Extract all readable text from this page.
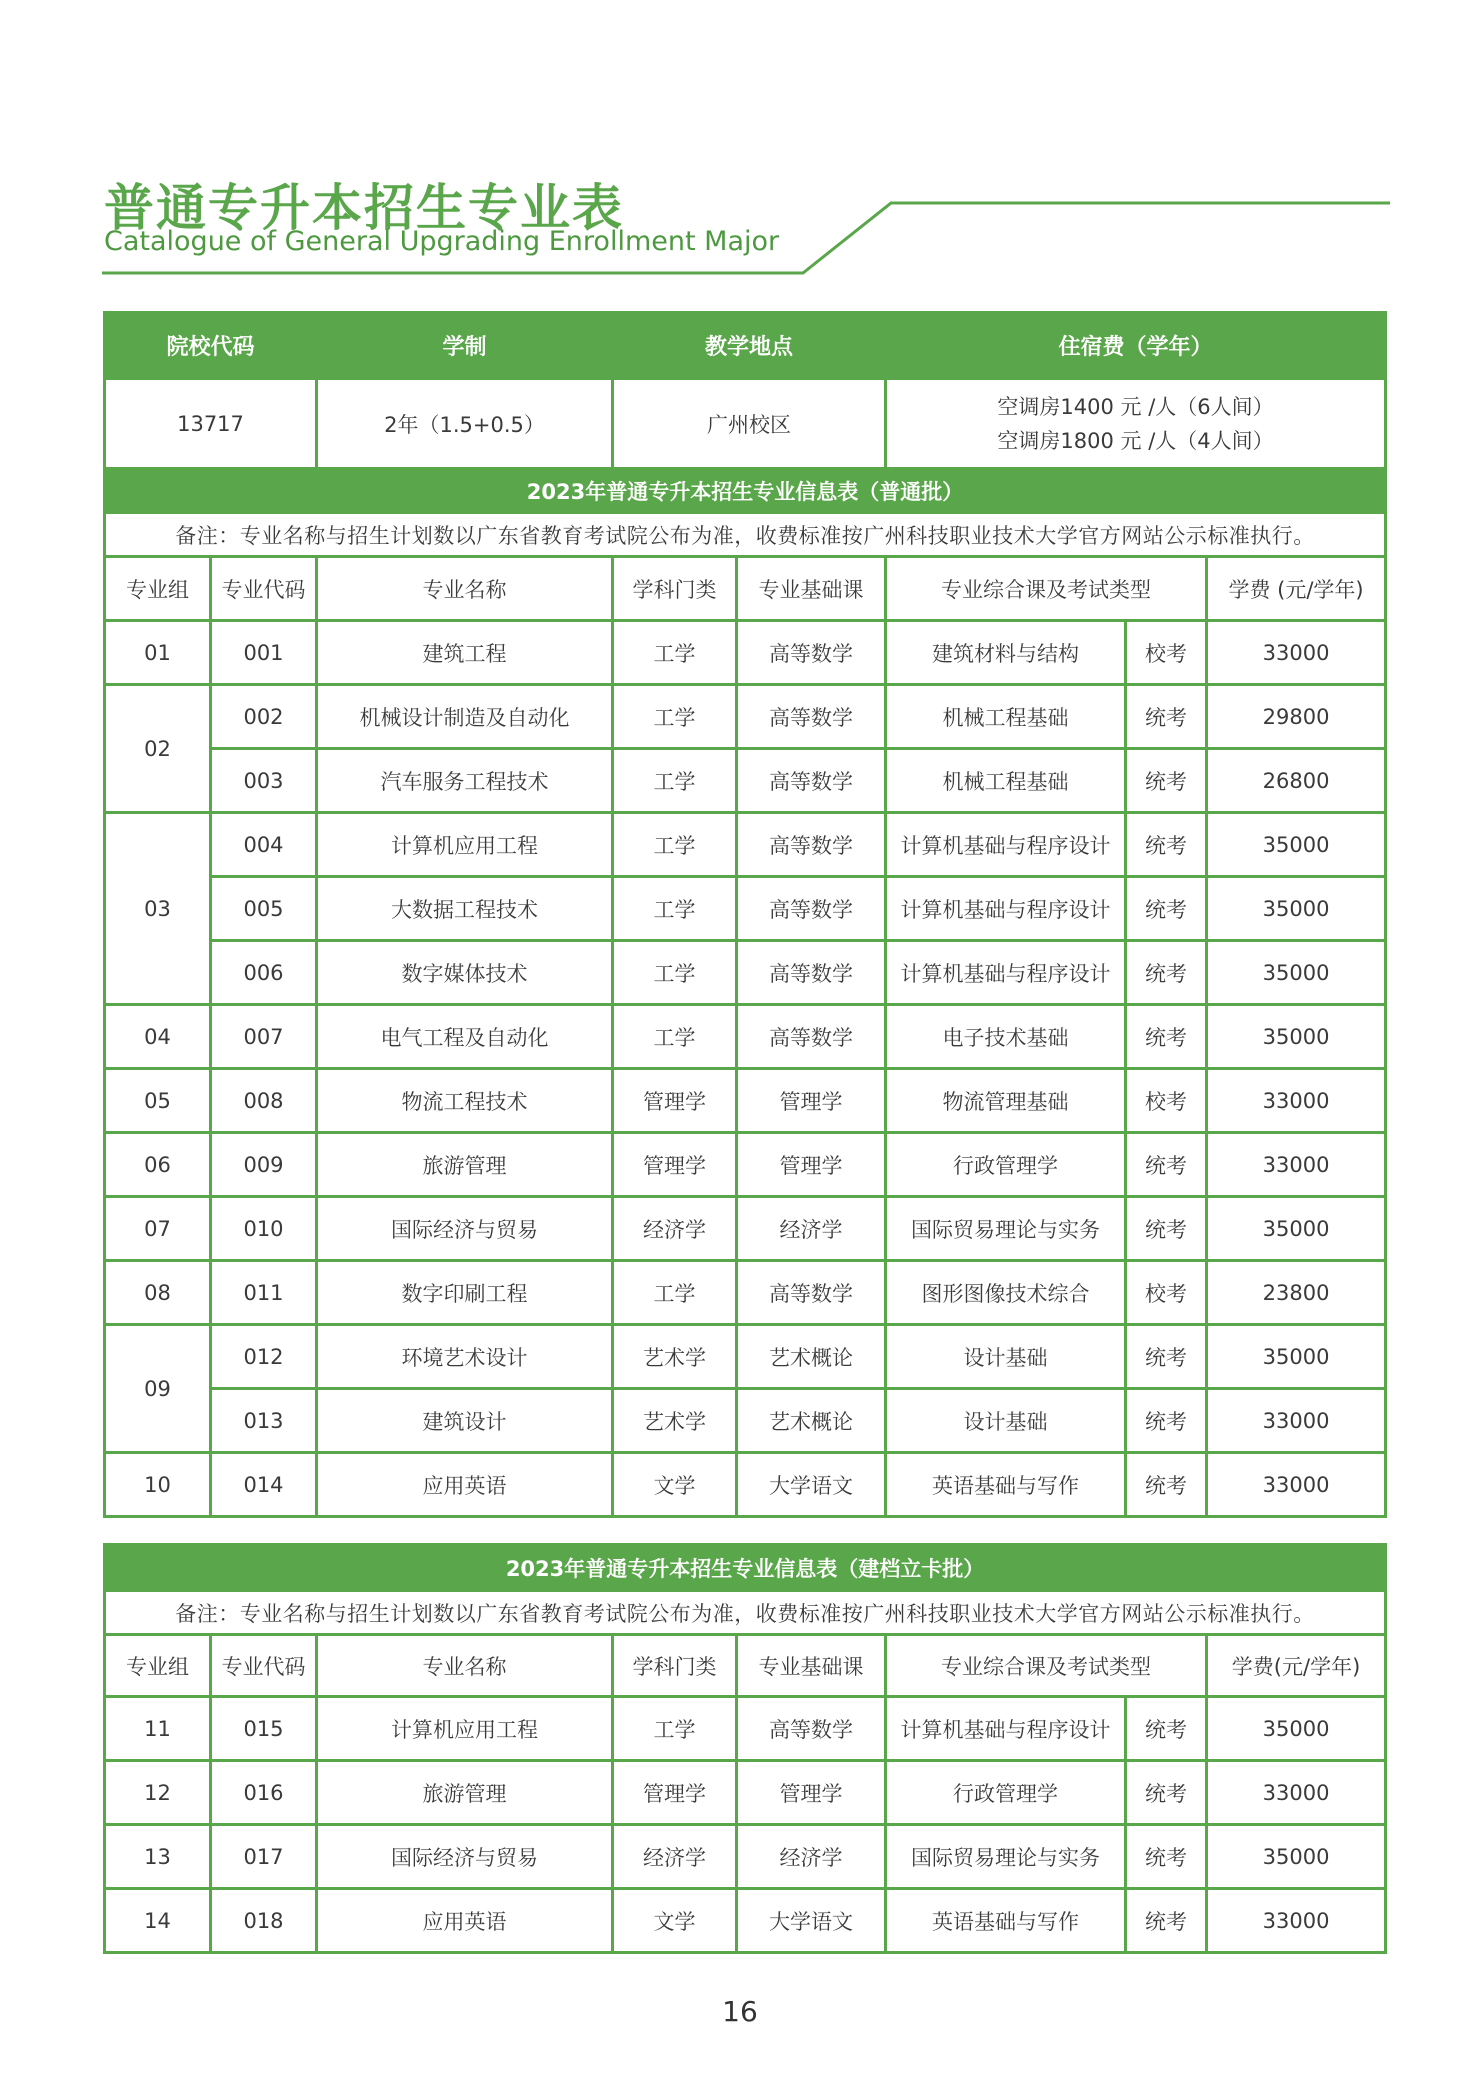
普通专升本招生专业表
Catalogue of General Upgrading Enrollment Major
院校代码		学制	教学地点		住宿费（学年）		
13717		2年（1.5+0.5）	广州校区		空调房1400 元 /人（6人间）
空调房1800 元 /人（4人间）		

2023年普通专升本招生专业信息表（普通批）							
备注：专业名称与招生计划数以广东省教育考试院公布为准，收费标准按广州科技职业技术大学官方网站公示标准执行。							
专业组	专业代码	专业名称	学科门类	专业基础课	专业综合课及考试类型		学费 (元/学年)
01	001	建筑工程	工学	高等数学	建筑材料与结构	校考	33000
02	002	机械设计制造及自动化	工学	高等数学	机械工程基础	统考	29800
	003	汽车服务工程技术	工学	高等数学	机械工程基础	统考	26800
03	004	计算机应用工程	工学	高等数学	计算机基础与程序设计	统考	35000
	005	大数据工程技术	工学	高等数学	计算机基础与程序设计	统考	35000
	006	数字媒体技术	工学	高等数学	计算机基础与程序设计	统考	35000
04	007	电气工程及自动化	工学	高等数学	电子技术基础	统考	35000
05	008	物流工程技术	管理学	管理学	物流管理基础	校考	33000
06	009	旅游管理	管理学	管理学	行政管理学	统考	33000
07	010	国际经济与贸易	经济学	经济学	国际贸易理论与实务	统考	35000
08	011	数字印刷工程	工学	高等数学	图形图像技术综合	校考	23800
09	012	环境艺术设计	艺术学	艺术概论	设计基础	统考	35000
	013	建筑设计	艺术学	艺术概论	设计基础	统考	33000
10	014	应用英语	文学	大学语文	英语基础与写作	统考	33000
2023年普通专升本招生专业信息表（建档立卡批）							
备注：专业名称与招生计划数以广东省教育考试院公布为准，收费标准按广州科技职业技术大学官方网站公示标准执行。							
专业组	专业代码	专业名称	学科门类	专业基础课	专业综合课及考试类型		学费(元/学年)
11	015	计算机应用工程	工学	高等数学	计算机基础与程序设计	统考	35000
12	016	旅游管理	管理学	管理学	行政管理学	统考	33000
13	017	国际经济与贸易	经济学	经济学	国际贸易理论与实务	统考	35000
14	018	应用英语	文学	大学语文	英语基础与写作	统考	33000
16
